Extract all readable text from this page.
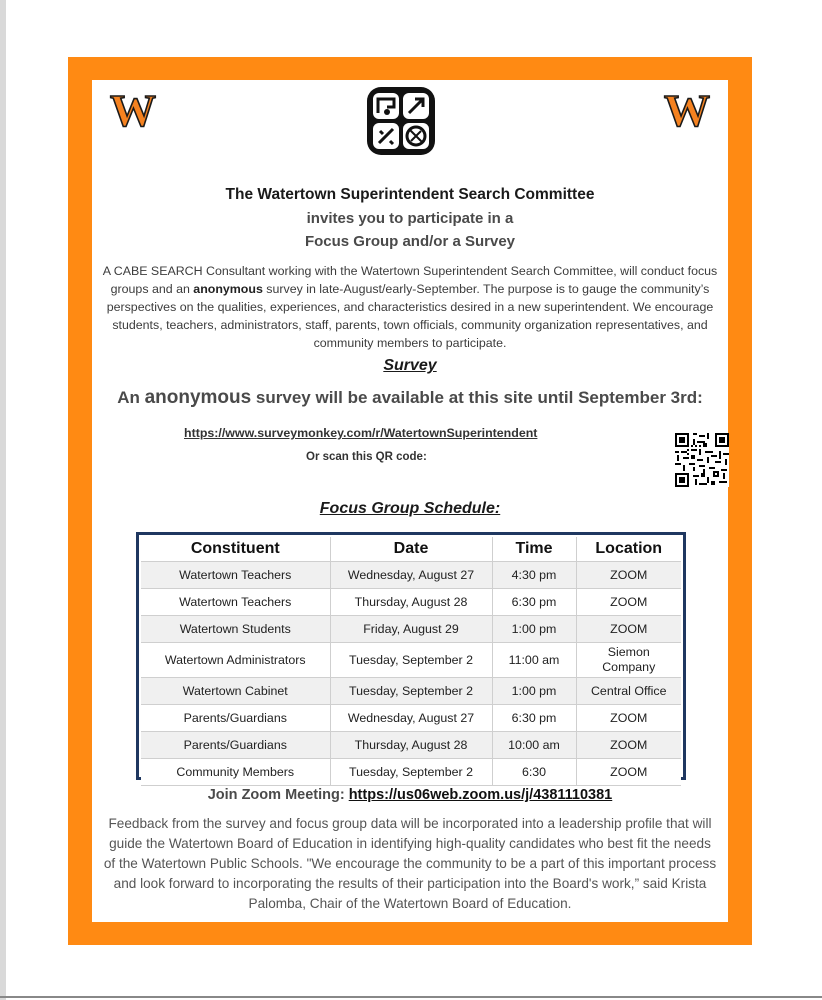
W	W
The Watertown Superintendent Search Committee
invites you to participate in a
Focus Group and/or a Survey
A CABE SEARCH Consultant working with the Watertown Superintendent Search Committee, will conduct focus groups and an anonymous survey in late-August/early-September. The purpose is to gauge the community’s perspectives on the qualities, experiences, and characteristics desired in a new superintendent. We encourage students, teachers, administrators, staff, parents, town officials, community organization representatives, and community members to participate.
Survey
An anonymous survey will be available at this site until September 3rd:
https://www.surveymonkey.com/r/WatertownSuperintendent
Or scan this QR code:
Focus Group Schedule:
Constituent	Date	Time	Location
Watertown Teachers	Wednesday, August 27	4:30 pm	ZOOM
Watertown Teachers	Thursday, August 28	6:30 pm	ZOOM
Watertown Students	Friday, August 29	1:00 pm	ZOOM
Watertown Administrators	Tuesday, September 2	11:00 am	Siemon Company
Watertown Cabinet	Tuesday, September 2	1:00 pm	Central Office
Parents/Guardians	Wednesday, August 27	6:30 pm	ZOOM
Parents/Guardians	Thursday, August 28	10:00 am	ZOOM
Community Members	Tuesday, September 2	6:30	ZOOM
Join Zoom Meeting: https://us06web.zoom.us/j/4381110381
Feedback from the survey and focus group data will be incorporated into a leadership profile that will guide the Watertown Board of Education in identifying high-quality candidates who best fit the needs of the Watertown Public Schools. "We encourage the community to be a part of this important process and look forward to incorporating the results of their participation into the Board's work,” said Krista Palomba, Chair of the Watertown Board of Education.
